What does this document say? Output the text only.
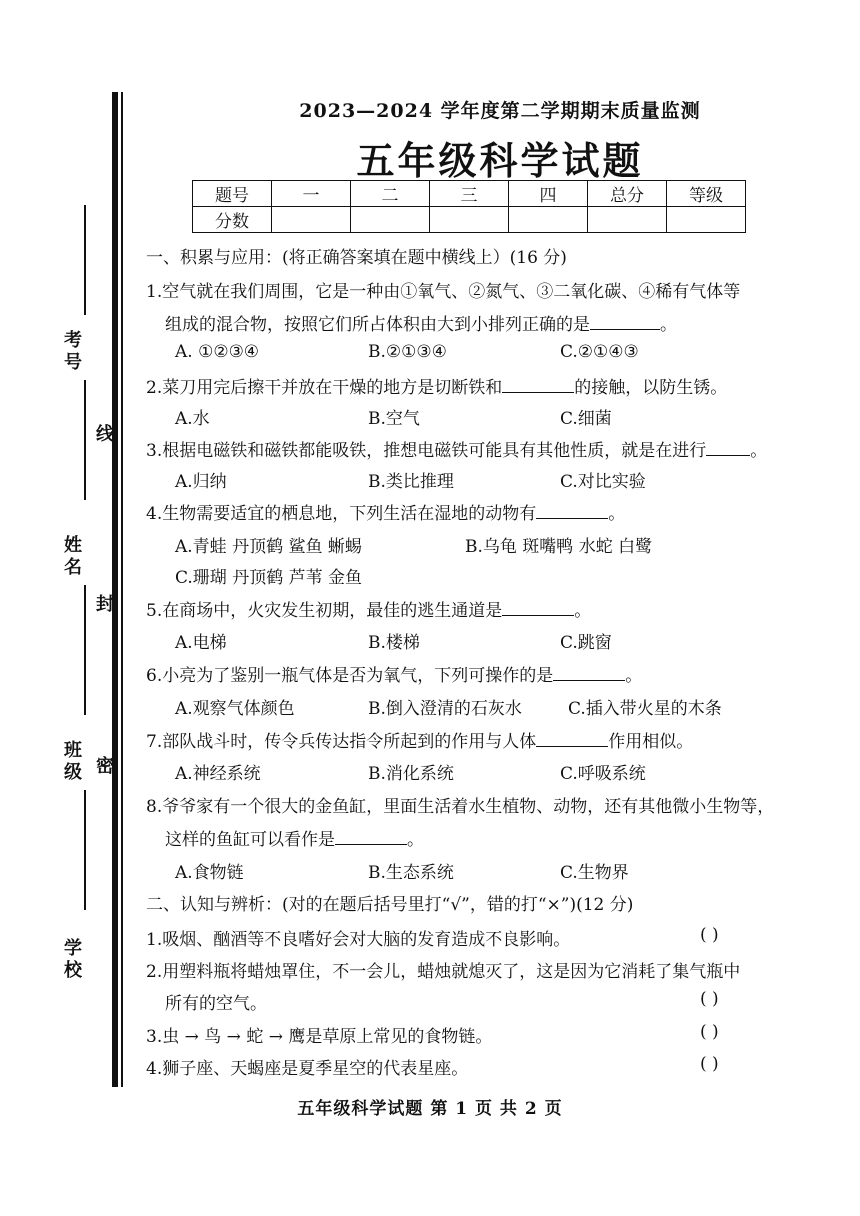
考号
线
姓名
封
班级 密
学校
2023—2024 学年度第二学期期末质量监测
五年级科学试题
题号	一	二	三	四	总分	等级
分数						
一、积累与应用：(将正确答案填在题中横线上）(16 分)
1.空气就在我们周围，它是一种由①氧气、②氮气、③二氧化碳、④稀有气体等
组成的混合物，按照它们所占体积由大到小排列正确的是	。
A. ①②③④	B.②①③④	C.②①④③
2.菜刀用完后擦干并放在干燥的地方是切断铁和	的接触，以防生锈。
A.水	B.空气	C.细菌
3.根据电磁铁和磁铁都能吸铁，推想电磁铁可能具有其他性质，就是在进行	。
A.归纳	B.类比推理	C.对比实验
4.生物需要适宜的栖息地，下列生活在湿地的动物有	。
A.青蛙 丹顶鹤 鲨鱼 蜥蜴	B.乌龟 斑嘴鸭 水蛇 白鹭
C.珊瑚 丹顶鹤 芦苇 金鱼
5.在商场中，火灾发生初期，最佳的逃生通道是	。
A.电梯	B.楼梯	C.跳窗
6.小亮为了鉴别一瓶气体是否为氧气，下列可操作的是	。
A.观察气体颜色	B.倒入澄清的石灰水	C.插入带火星的木条
7.部队战斗时，传令兵传达指令所起到的作用与人体	作用相似。
A.神经系统	B.消化系统	C.呼吸系统
8.爷爷家有一个很大的金鱼缸，里面生活着水生植物、动物，还有其他微小生物等，
这样的鱼缸可以看作是	。
A.食物链	B.生态系统	C.生物界
二、认知与辨析：(对的在题后括号里打“√”，错的打“×”)(12 分)
1.吸烟、酗酒等不良嗜好会对大脑的发育造成不良影响。	( )
2.用塑料瓶将蜡烛罩住，不一会儿，蜡烛就熄灭了，这是因为它消耗了集气瓶中
所有的空气。	( )
3.虫 → 鸟 → 蛇 → 鹰是草原上常见的食物链。	( )
4.狮子座、天蝎座是夏季星空的代表星座。	( )
五年级科学试题 第 1 页 共 2 页
